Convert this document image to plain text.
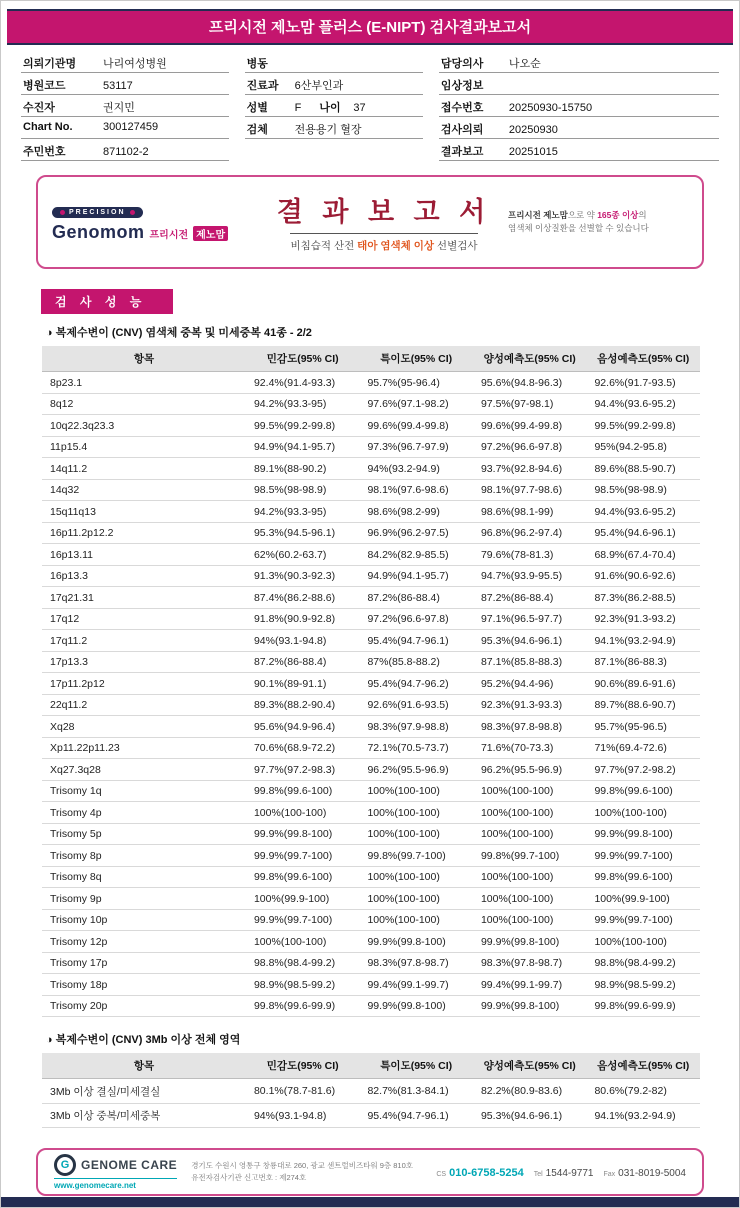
프리시전 제노맘 플러스 (E-NIPT) 검사결과보고서
의뢰기관명	나리여성병원
병원코드	53117
수진자	권지민
Chart No.	300127459
주민번호	871102-2
병동
진료과	6산부인과
성별	F 나이	37
검체	전용용기 혈장
담당의사	나오순
임상정보
접수번호	20250930-15750
검사의뢰	20250930
결과보고	20251015
PRECISION
Genomom 프리시전 제노맘
결 과 보 고 서
비침습적 산전 태아 염색체 이상 선별검사
프리시전 제노맘으로 약 165종 이상의
염색체 이상질환을 선별할 수 있습니다
검 사 성 능
◑ 복제수변이 (CNV) 염색체 중복 및 미세중복 41종 - 2/2
항목	민감도(95% CI)	특이도(95% CI)	양성예측도(95% CI)	음성예측도(95% CI)
8p23.1	92.4%(91.4-93.3)	95.7%(95-96.4)	95.6%(94.8-96.3)	92.6%(91.7-93.5)
8q12	94.2%(93.3-95)	97.6%(97.1-98.2)	97.5%(97-98.1)	94.4%(93.6-95.2)
10q22.3q23.3	99.5%(99.2-99.8)	99.6%(99.4-99.8)	99.6%(99.4-99.8)	99.5%(99.2-99.8)
11p15.4	94.9%(94.1-95.7)	97.3%(96.7-97.9)	97.2%(96.6-97.8)	95%(94.2-95.8)
14q11.2	89.1%(88-90.2)	94%(93.2-94.9)	93.7%(92.8-94.6)	89.6%(88.5-90.7)
14q32	98.5%(98-98.9)	98.1%(97.6-98.6)	98.1%(97.7-98.6)	98.5%(98-98.9)
15q11q13	94.2%(93.3-95)	98.6%(98.2-99)	98.6%(98.1-99)	94.4%(93.6-95.2)
16p11.2p12.2	95.3%(94.5-96.1)	96.9%(96.2-97.5)	96.8%(96.2-97.4)	95.4%(94.6-96.1)
16p13.11	62%(60.2-63.7)	84.2%(82.9-85.5)	79.6%(78-81.3)	68.9%(67.4-70.4)
16p13.3	91.3%(90.3-92.3)	94.9%(94.1-95.7)	94.7%(93.9-95.5)	91.6%(90.6-92.6)
17q21.31	87.4%(86.2-88.6)	87.2%(86-88.4)	87.2%(86-88.4)	87.3%(86.2-88.5)
17q12	91.8%(90.9-92.8)	97.2%(96.6-97.8)	97.1%(96.5-97.7)	92.3%(91.3-93.2)
17q11.2	94%(93.1-94.8)	95.4%(94.7-96.1)	95.3%(94.6-96.1)	94.1%(93.2-94.9)
17p13.3	87.2%(86-88.4)	87%(85.8-88.2)	87.1%(85.8-88.3)	87.1%(86-88.3)
17p11.2p12	90.1%(89-91.1)	95.4%(94.7-96.2)	95.2%(94.4-96)	90.6%(89.6-91.6)
22q11.2	89.3%(88.2-90.4)	92.6%(91.6-93.5)	92.3%(91.3-93.3)	89.7%(88.6-90.7)
Xq28	95.6%(94.9-96.4)	98.3%(97.9-98.8)	98.3%(97.8-98.8)	95.7%(95-96.5)
Xp11.22p11.23	70.6%(68.9-72.2)	72.1%(70.5-73.7)	71.6%(70-73.3)	71%(69.4-72.6)
Xq27.3q28	97.7%(97.2-98.3)	96.2%(95.5-96.9)	96.2%(95.5-96.9)	97.7%(97.2-98.2)
Trisomy 1q	99.8%(99.6-100)	100%(100-100)	100%(100-100)	99.8%(99.6-100)
Trisomy 4p	100%(100-100)	100%(100-100)	100%(100-100)	100%(100-100)
Trisomy 5p	99.9%(99.8-100)	100%(100-100)	100%(100-100)	99.9%(99.8-100)
Trisomy 8p	99.9%(99.7-100)	99.8%(99.7-100)	99.8%(99.7-100)	99.9%(99.7-100)
Trisomy 8q	99.8%(99.6-100)	100%(100-100)	100%(100-100)	99.8%(99.6-100)
Trisomy 9p	100%(99.9-100)	100%(100-100)	100%(100-100)	100%(99.9-100)
Trisomy 10p	99.9%(99.7-100)	100%(100-100)	100%(100-100)	99.9%(99.7-100)
Trisomy 12p	100%(100-100)	99.9%(99.8-100)	99.9%(99.8-100)	100%(100-100)
Trisomy 17p	98.8%(98.4-99.2)	98.3%(97.8-98.7)	98.3%(97.8-98.7)	98.8%(98.4-99.2)
Trisomy 18p	98.9%(98.5-99.2)	99.4%(99.1-99.7)	99.4%(99.1-99.7)	98.9%(98.5-99.2)
Trisomy 20p	99.8%(99.6-99.9)	99.9%(99.8-100)	99.9%(99.8-100)	99.8%(99.6-99.9)
◑ 복제수변이 (CNV) 3Mb 이상 전체 영역
항목	민감도(95% CI)	특이도(95% CI)	양성예측도(95% CI)	음성예측도(95% CI)
3Mb 이상 결실/미세결실	80.1%(78.7-81.6)	82.7%(81.3-84.1)	82.2%(80.9-83.6)	80.6%(79.2-82)
3Mb 이상 중복/미세중복	94%(93.1-94.8)	95.4%(94.7-96.1)	95.3%(94.6-96.1)	94.1%(93.2-94.9)
G GENOME CARE
www.genomecare.net
경기도 수원시 영통구 창룡대로 260, 광교 센트럴비즈타워 9층 810호
유전자검사기관 신고번호 : 제274호	CS 010-6758-5254 Tel 1544-9771 Fax 031-8019-5004
